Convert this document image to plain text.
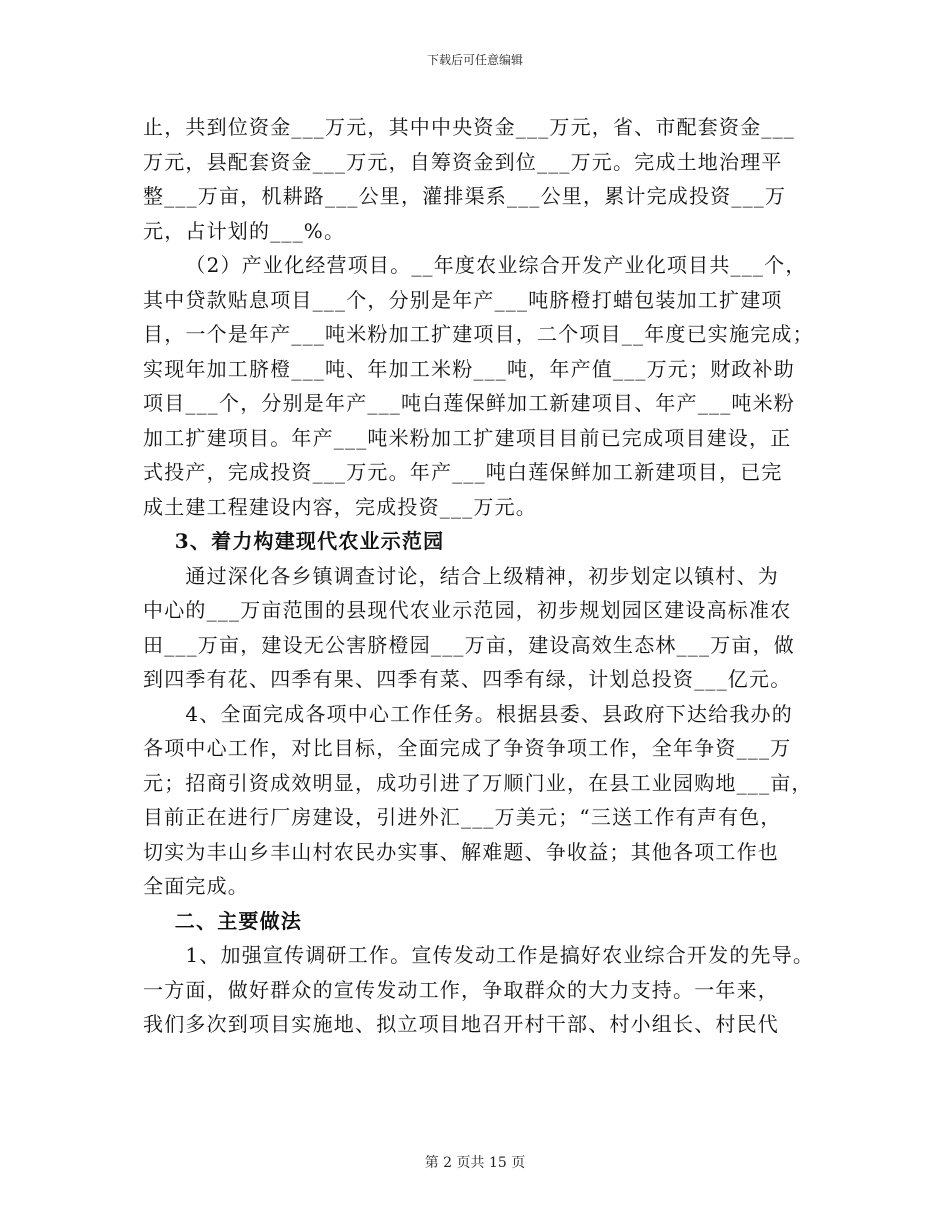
下载后可任意编辑
止，共到位资金___万元，其中中央资金___万元，省、市配套资金___
万元，县配套资金___万元，自筹资金到位___万元。完成土地治理平
整___万亩，机耕路___公里，灌排渠系___公里，累计完成投资___万
元，占计划的___%。
（2）产业化经营项目。__年度农业综合开发产业化项目共___个，
其中贷款贴息项目___个，分别是年产___吨脐橙打蜡包装加工扩建项
目，一个是年产___吨米粉加工扩建项目，二个项目__年度已实施完成；
实现年加工脐橙___吨、年加工米粉___吨，年产值___万元；财政补助
项目___个，分别是年产___吨白莲保鲜加工新建项目、年产___吨米粉
加工扩建项目。年产___吨米粉加工扩建项目目前已完成项目建设，正
式投产，完成投资___万元。年产___吨白莲保鲜加工新建项目，已完
成土建工程建设内容，完成投资___万元。
3、着力构建现代农业示范园
通过深化各乡镇调查讨论，结合上级精神，初步划定以镇村、为
中心的___万亩范围的县现代农业示范园，初步规划园区建设高标准农
田___万亩，建设无公害脐橙园___万亩，建设高效生态林___万亩，做
到四季有花、四季有果、四季有菜、四季有绿，计划总投资___亿元。
4、全面完成各项中心工作任务。根据县委、县政府下达给我办的
各项中心工作，对比目标，全面完成了争资争项工作，全年争资___万
元；招商引资成效明显，成功引进了万顺门业，在县工业园购地___亩，
目前正在进行厂房建设，引进外汇___万美元；“三送工作有声有色，
切实为丰山乡丰山村农民办实事、解难题、争收益；其他各项工作也
全面完成。
二、主要做法
1、加强宣传调研工作。宣传发动工作是搞好农业综合开发的先导。
一方面，做好群众的宣传发动工作，争取群众的大力支持。一年来，
我们多次到项目实施地、拟立项目地召开村干部、村小组长、村民代
第 2 页共 15 页
